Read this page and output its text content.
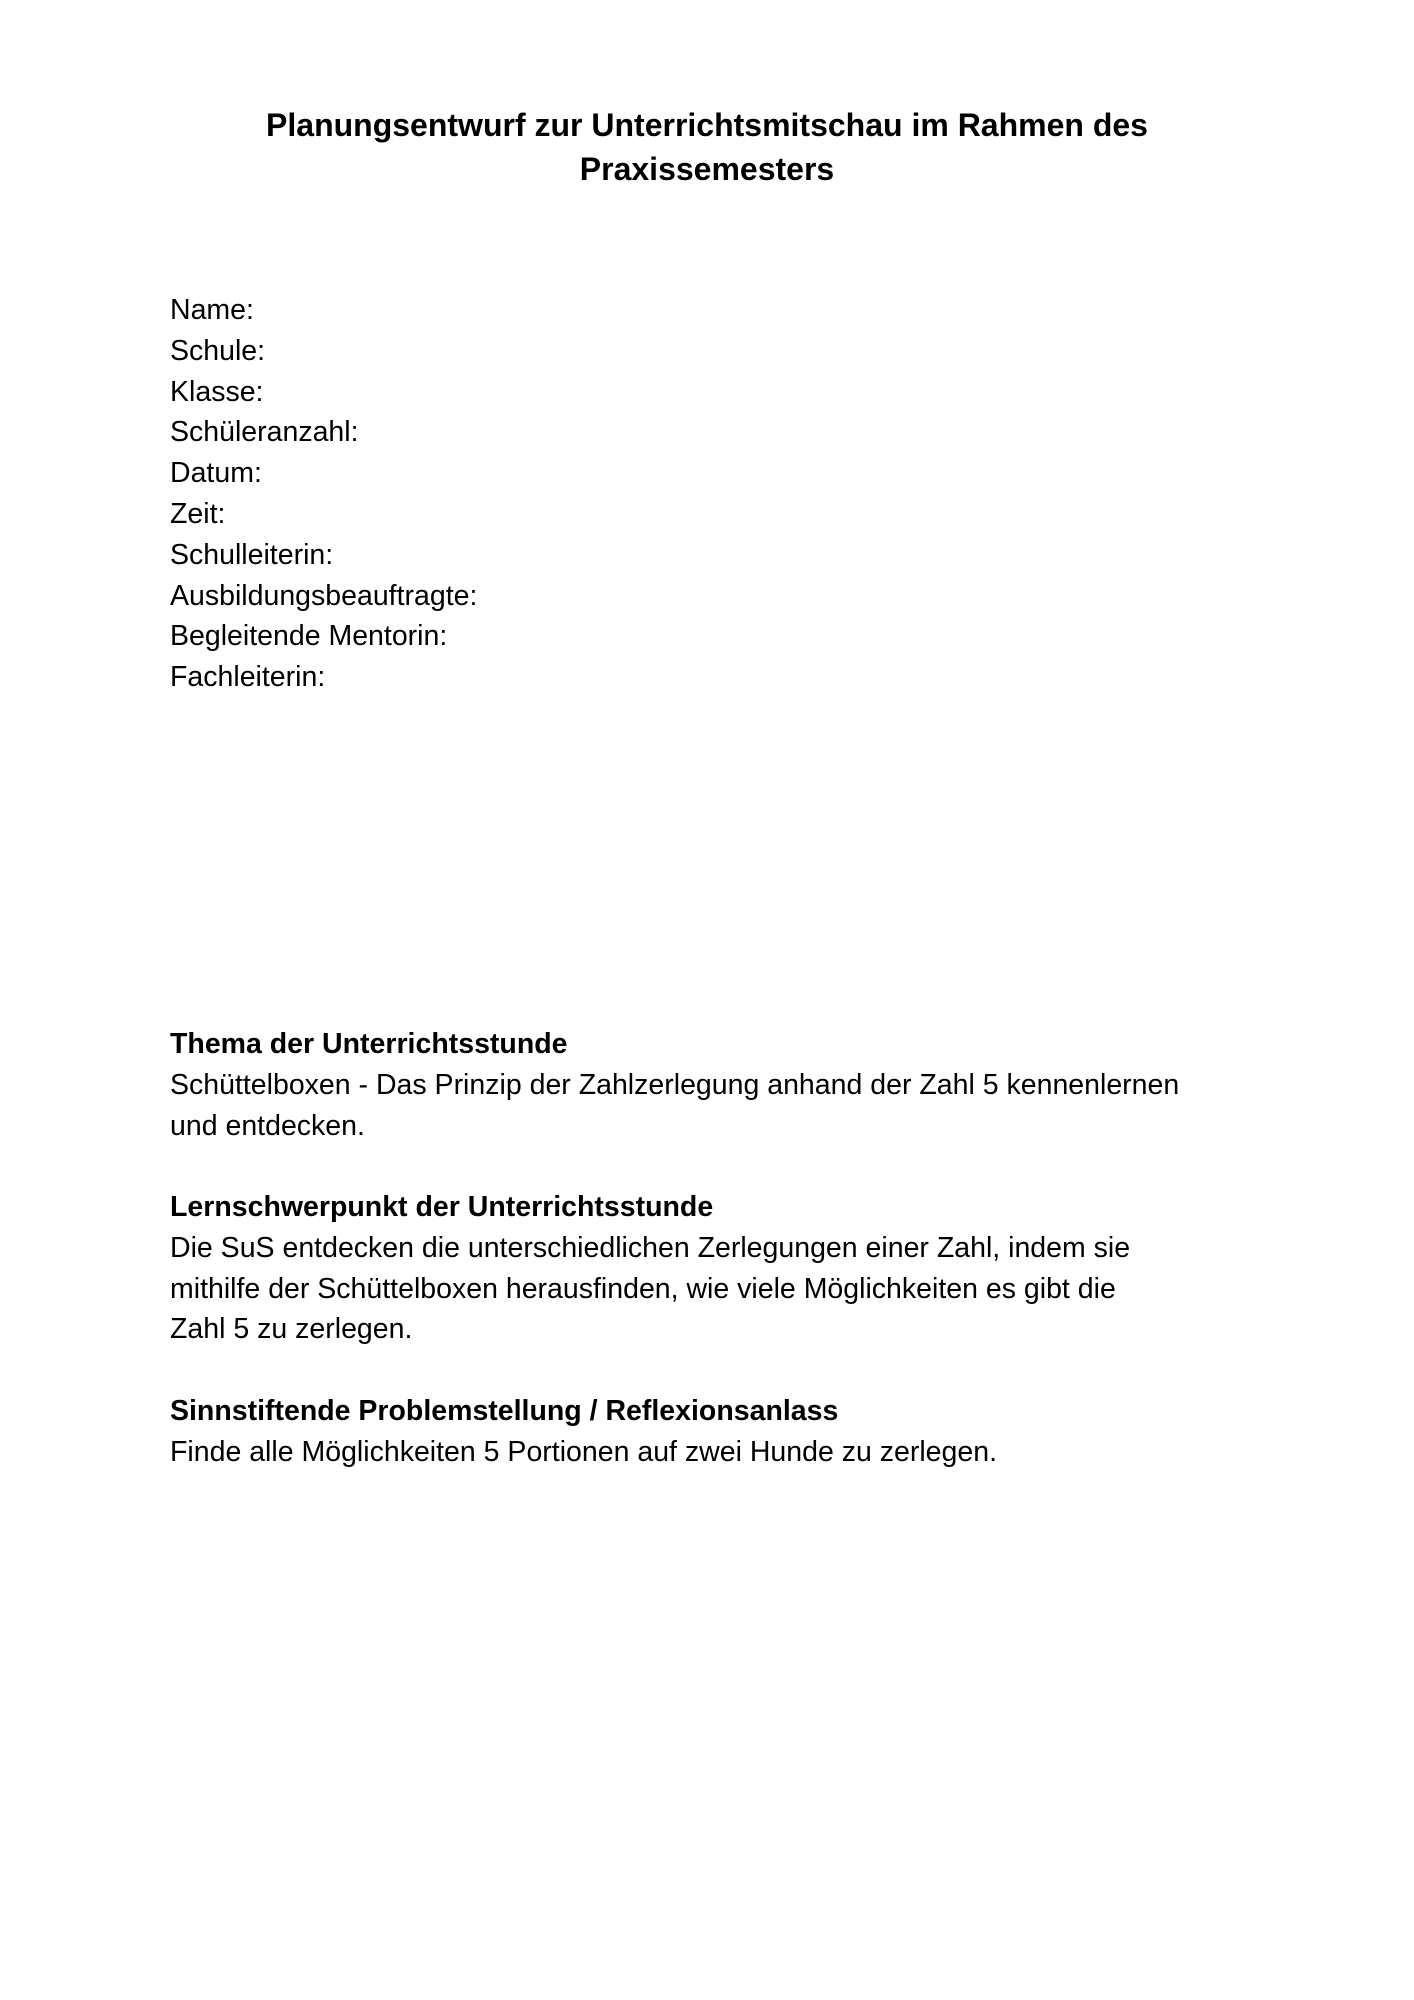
Planungsentwurf zur Unterrichtsmitschau im Rahmen des
Praxissemesters
Name:
Schule:
Klasse:
Schüleranzahl:
Datum:
Zeit:
Schulleiterin:
Ausbildungsbeauftragte:
Begleitende Mentorin:
Fachleiterin:
Thema der Unterrichtsstunde
Schüttelboxen - Das Prinzip der Zahlzerlegung anhand der Zahl 5 kennenlernen
und entdecken.
Lernschwerpunkt der Unterrichtsstunde
Die SuS entdecken die unterschiedlichen Zerlegungen einer Zahl, indem sie
mithilfe der Schüttelboxen herausfinden, wie viele Möglichkeiten es gibt die
Zahl 5 zu zerlegen.
Sinnstiftende Problemstellung / Reflexionsanlass
Finde alle Möglichkeiten 5 Portionen auf zwei Hunde zu zerlegen.
